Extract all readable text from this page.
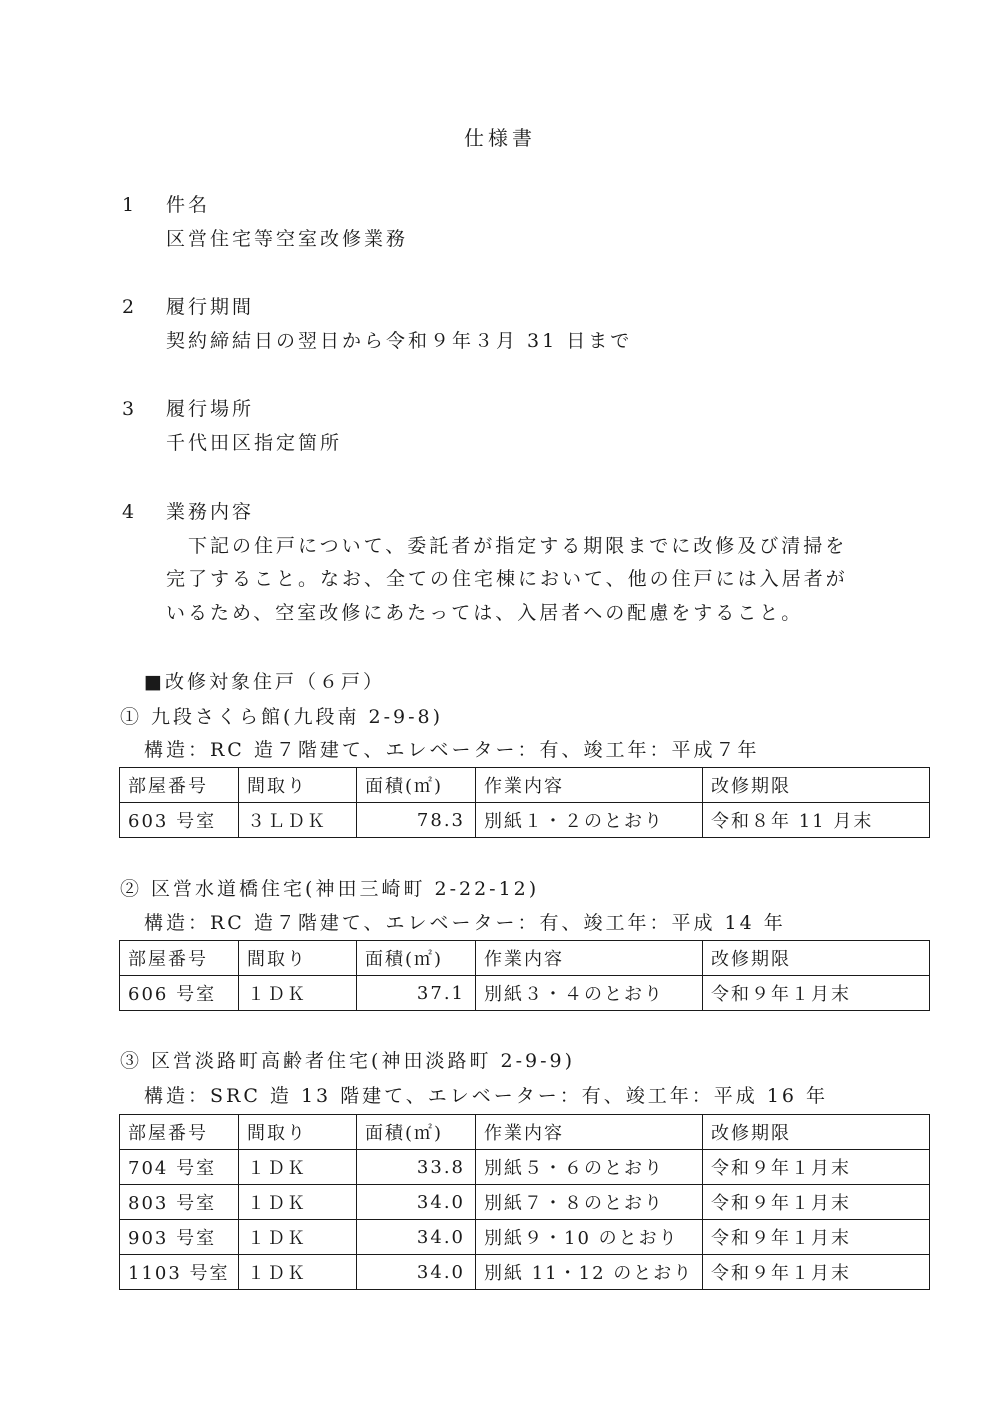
仕様書
1 件名
区営住宅等空室改修業務
2 履行期間
契約締結日の翌日から令和９年３月 31 日まで
3 履行場所
千代田区指定箇所
4 業務内容
下記の住戸について、委託者が指定する期限までに改修及び清掃を
完了すること。なお、全ての住宅棟において、他の住戸には入居者が
いるため、空室改修にあたっては、入居者への配慮をすること。
■改修対象住戸（６戸）
① 九段さくら館(九段南 2-9-8)
構造：RC 造７階建て、エレベーター：有、竣工年：平成７年
部屋番号	間取り	面積(㎡)	作業内容	改修期限
603 号室	３ＬＤＫ	78.3	別紙１・２のとおり	令和８年 11 月末
② 区営水道橋住宅(神田三崎町 2-22-12)
構造：RC 造７階建て、エレベーター：有、竣工年：平成 14 年
部屋番号	間取り	面積(㎡)	作業内容	改修期限
606 号室	１ＤＫ	37.1	別紙３・４のとおり	令和９年１月末
③ 区営淡路町高齢者住宅(神田淡路町 2-9-9)
構造：SRC 造 13 階建て、エレベーター：有、竣工年：平成 16 年
部屋番号	間取り	面積(㎡)	作業内容	改修期限
704 号室	１ＤＫ	33.8	別紙５・６のとおり	令和９年１月末
803 号室	１ＤＫ	34.0	別紙７・８のとおり	令和９年１月末
903 号室	１ＤＫ	34.0	別紙９・10 のとおり	令和９年１月末
1103 号室	１ＤＫ	34.0	別紙 11・12 のとおり	令和９年１月末
